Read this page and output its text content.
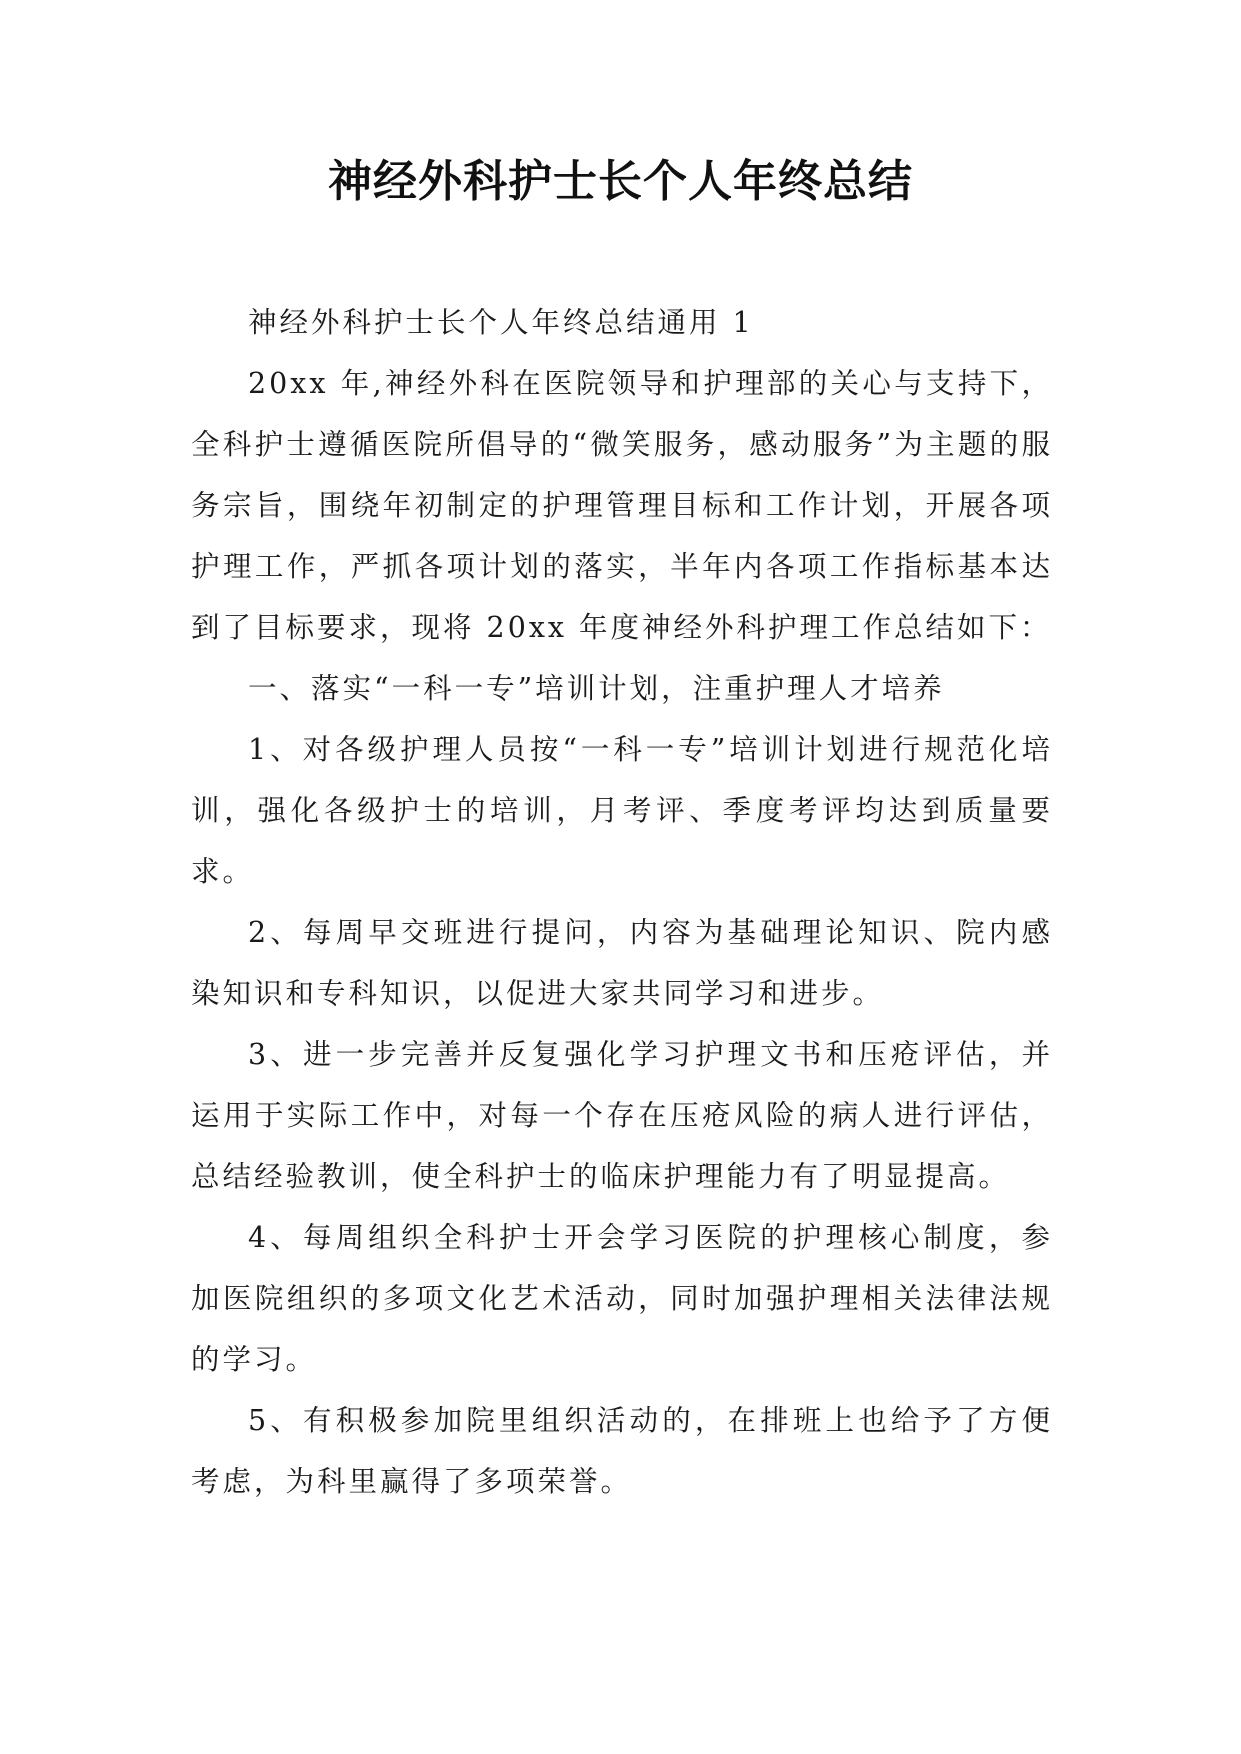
神经外科护士长个人年终总结

神经外科护士长个人年终总结通用 1

20xx 年,神经外科在医院领导和护理部的关心与支持下，全科护士遵循医院所倡导的“微笑服务，感动服务”为主题的服务宗旨，围绕年初制定的护理管理目标和工作计划，开展各项护理工作，严抓各项计划的落实，半年内各项工作指标基本达到了目标要求，现将 20xx 年度神经外科护理工作总结如下：

一、落实“一科一专”培训计划，注重护理人才培养

1、对各级护理人员按“一科一专”培训计划进行规范化培训，强化各级护士的培训，月考评、季度考评均达到质量要求。

2、每周早交班进行提问，内容为基础理论知识、院内感染知识和专科知识，以促进大家共同学习和进步。

3、进一步完善并反复强化学习护理文书和压疮评估，并运用于实际工作中，对每一个存在压疮风险的病人进行评估，总结经验教训，使全科护士的临床护理能力有了明显提高。

4、每周组织全科护士开会学习医院的护理核心制度，参加医院组织的多项文化艺术活动，同时加强护理相关法律法规的学习。

5、有积极参加院里组织活动的，在排班上也给予了方便考虑，为科里赢得了多项荣誉。
